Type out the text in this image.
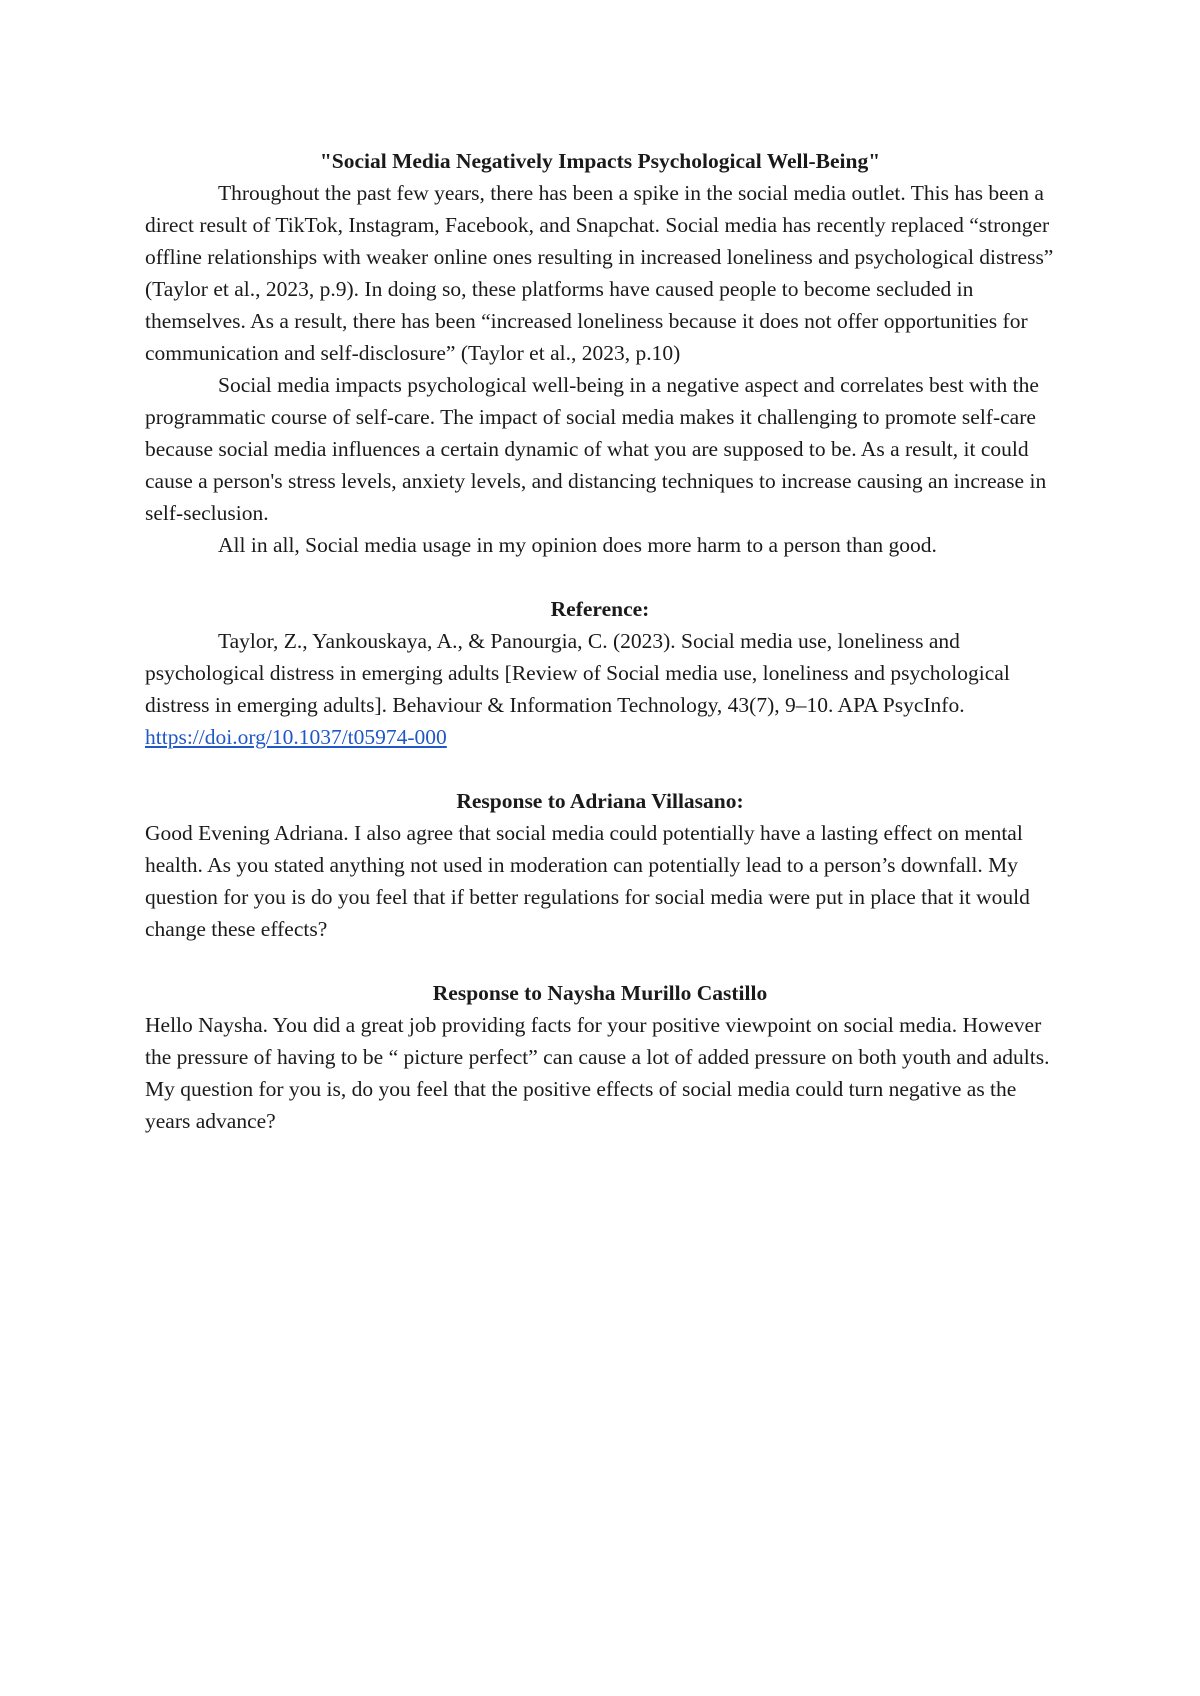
"Social Media Negatively Impacts Psychological Well-Being"

Throughout the past few years, there has been a spike in the social media outlet. This has been a direct result of TikTok, Instagram, Facebook, and Snapchat. Social media has recently replaced “stronger offline relationships with weaker online ones resulting in increased loneliness and psychological distress” (Taylor et al., 2023, p.9). In doing so, these platforms have caused people to become secluded in themselves. As a result, there has been “increased loneliness because it does not offer opportunities for communication and self-disclosure” (Taylor et al., 2023, p.10)

Social media impacts psychological well-being in a negative aspect and correlates best with the programmatic course of self-care. The impact of social media makes it challenging to promote self-care because social media influences a certain dynamic of what you are supposed to be. As a result, it could cause a person's stress levels, anxiety levels, and distancing techniques to increase causing an increase in self-seclusion.

All in all, Social media usage in my opinion does more harm to a person than good.

Reference:

Taylor, Z., Yankouskaya, A., & Panourgia, C. (2023). Social media use, loneliness and psychological distress in emerging adults [Review of Social media use, loneliness and psychological distress in emerging adults]. Behaviour & Information Technology, 43(7), 9–10. APA PsycInfo. https://doi.org/10.1037/t05974-000

Response to Adriana Villasano:

Good Evening Adriana. I also agree that social media could potentially have a lasting effect on mental health. As you stated anything not used in moderation can potentially lead to a person’s downfall. My question for you is do you feel that if better regulations for social media were put in place that it would change these effects?

Response to Naysha Murillo Castillo

Hello Naysha. You did a great job providing facts for your positive viewpoint on social media. However the pressure of having to be “ picture perfect” can cause a lot of added pressure on both youth and adults. My question for you is, do you feel that the positive effects of social media could turn negative as the years advance?
